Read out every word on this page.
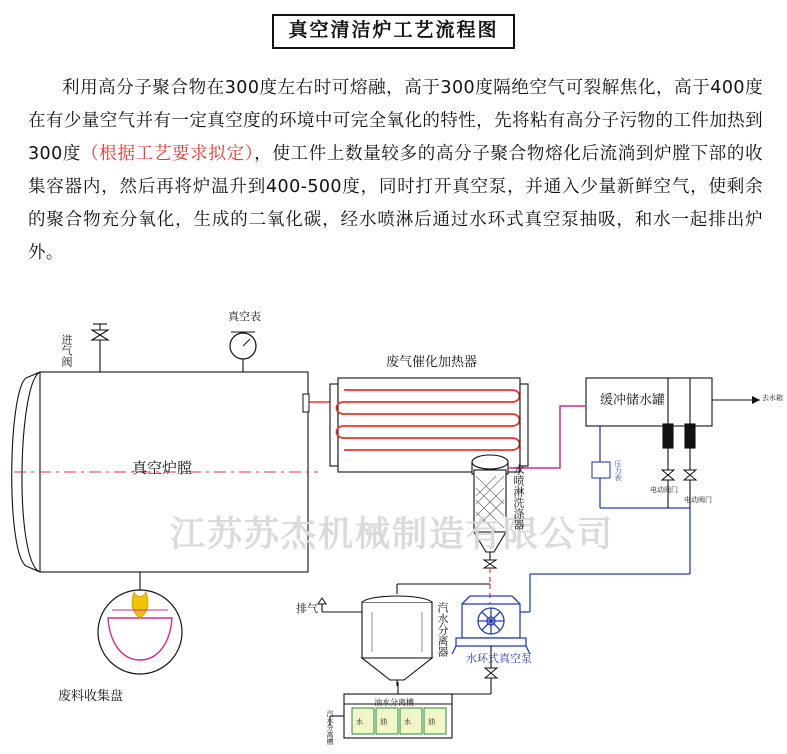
真空清洁炉工艺流程图
利用高分子聚合物在300度左右时可熔融，高于300度隔绝空气可裂解焦化，高于400度在有少量空气并有一定真空度的环境中可完全氧化的特性，先将粘有高分子污物的工件加热到300度（根据工艺要求拟定），使工件上数量较多的高分子聚合物熔化后流淌到炉膛下部的收集容器内，然后再将炉温升到400-500度，同时打开真空泵，并通入少量新鲜空气，使剩余的聚合物充分氧化，生成的二氧化碳，经水喷淋后通过水环式真空泵抽吸，和水一起排出炉外。
江苏苏杰机械制造有限公司
进气阀
真空表
真空炉膛
废气催化加热器
缓冲储水罐
废料收集盘
水喷淋洗涤器
汽水分离器
水环式真空泵
排气
油水分离槽
汽水分离槽
压力表
电动阀门
电动阀门
去水箱
水 油 水 油
